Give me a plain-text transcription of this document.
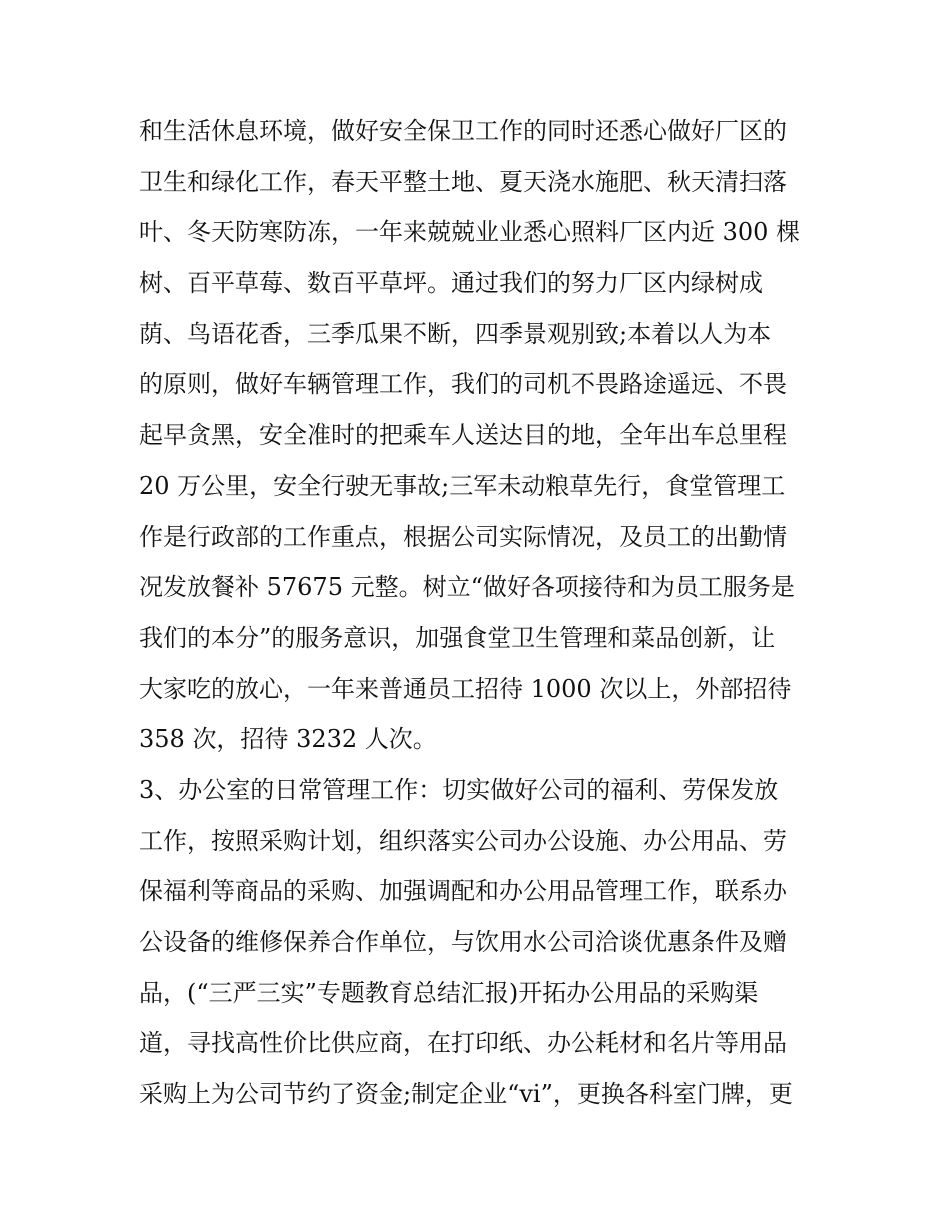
和生活休息环境，做好安全保卫工作的同时还悉心做好厂区的
卫生和绿化工作，春天平整土地、夏天浇水施肥、秋天清扫落
叶、冬天防寒防冻，一年来兢兢业业悉心照料厂区内近 300 棵
树、百平草莓、数百平草坪。通过我们的努力厂区内绿树成
荫、鸟语花香，三季瓜果不断，四季景观别致;本着以人为本
的原则，做好车辆管理工作，我们的司机不畏路途遥远、不畏
起早贪黑，安全准时的把乘车人送达目的地，全年出车总里程
20 万公里，安全行驶无事故;三军未动粮草先行，食堂管理工
作是行政部的工作重点，根据公司实际情况，及员工的出勤情
况发放餐补 57675 元整。树立“做好各项接待和为员工服务是
我们的本分”的服务意识，加强食堂卫生管理和菜品创新，让
大家吃的放心，一年来普通员工招待 1000 次以上，外部招待
358 次，招待 3232 人次。
3、办公室的日常管理工作：切实做好公司的福利、劳保发放
工作，按照采购计划，组织落实公司办公设施、办公用品、劳
保福利等商品的采购、加强调配和办公用品管理工作，联系办
公设备的维修保养合作单位，与饮用水公司洽谈优惠条件及赠
品，(“三严三实”专题教育总结汇报)开拓办公用品的采购渠
道，寻找高性价比供应商，在打印纸、办公耗材和名片等用品
采购上为公司节约了资金;制定企业“vi”，更换各科室门牌，更
